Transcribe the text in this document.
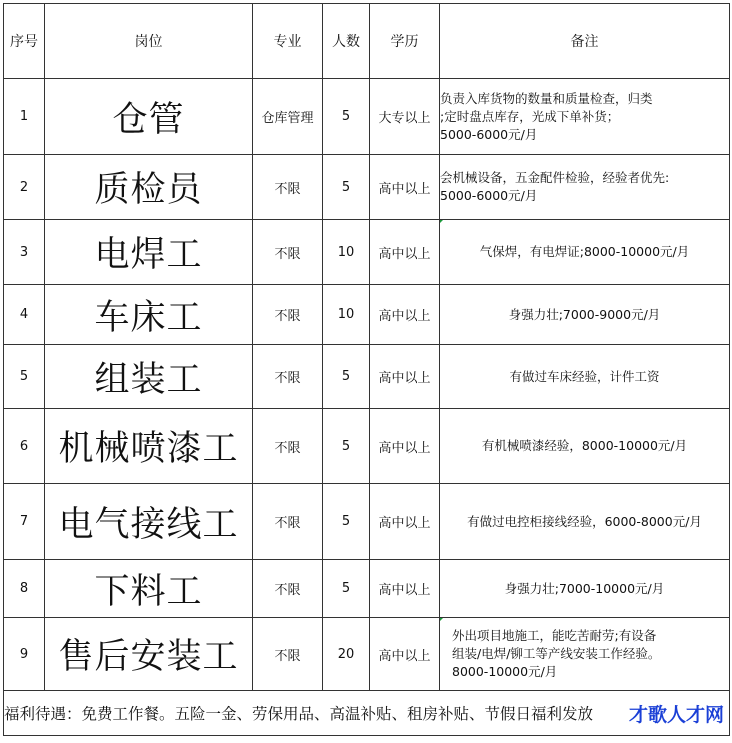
序号	岗位	专业	人数	学历	备注
1	仓管	仓库管理	5	大专以上	负责入库货物的数量和质量检查，归类
;定时盘点库存，光成下单补货；
5000-6000元/月

2	质检员	不限	5	高中以上	会机械设备，五金配件检验，经验者优先:
5000-6000元/月

3	电焊工	不限	10	高中以上	气保焊，有电焊证;8000-10000元/月

4	车床工	不限	10	高中以上	身强力壮;7000-9000元/月

5	组装工	不限	5	高中以上	有做过车床经验，计件工资

6	机械喷漆工	不限	5	高中以上	有机械喷漆经验，8000-10000元/月

7	电气接线工	不限	5	高中以上	有做过电控柜接线经验，6000-8000元/月

8	下料工	不限	5	高中以上	身强力壮;7000-10000元/月

9	售后安装工	不限	20	高中以上	外出项目地施工，能吃苦耐劳;有设备
组装/电焊/铆工等产线安装工作经验。
8000-10000元/月

福利待遇：免费工作餐。五险一金、劳保用品、高温补贴、租房补贴、节假日福利发放					才歌人才网
